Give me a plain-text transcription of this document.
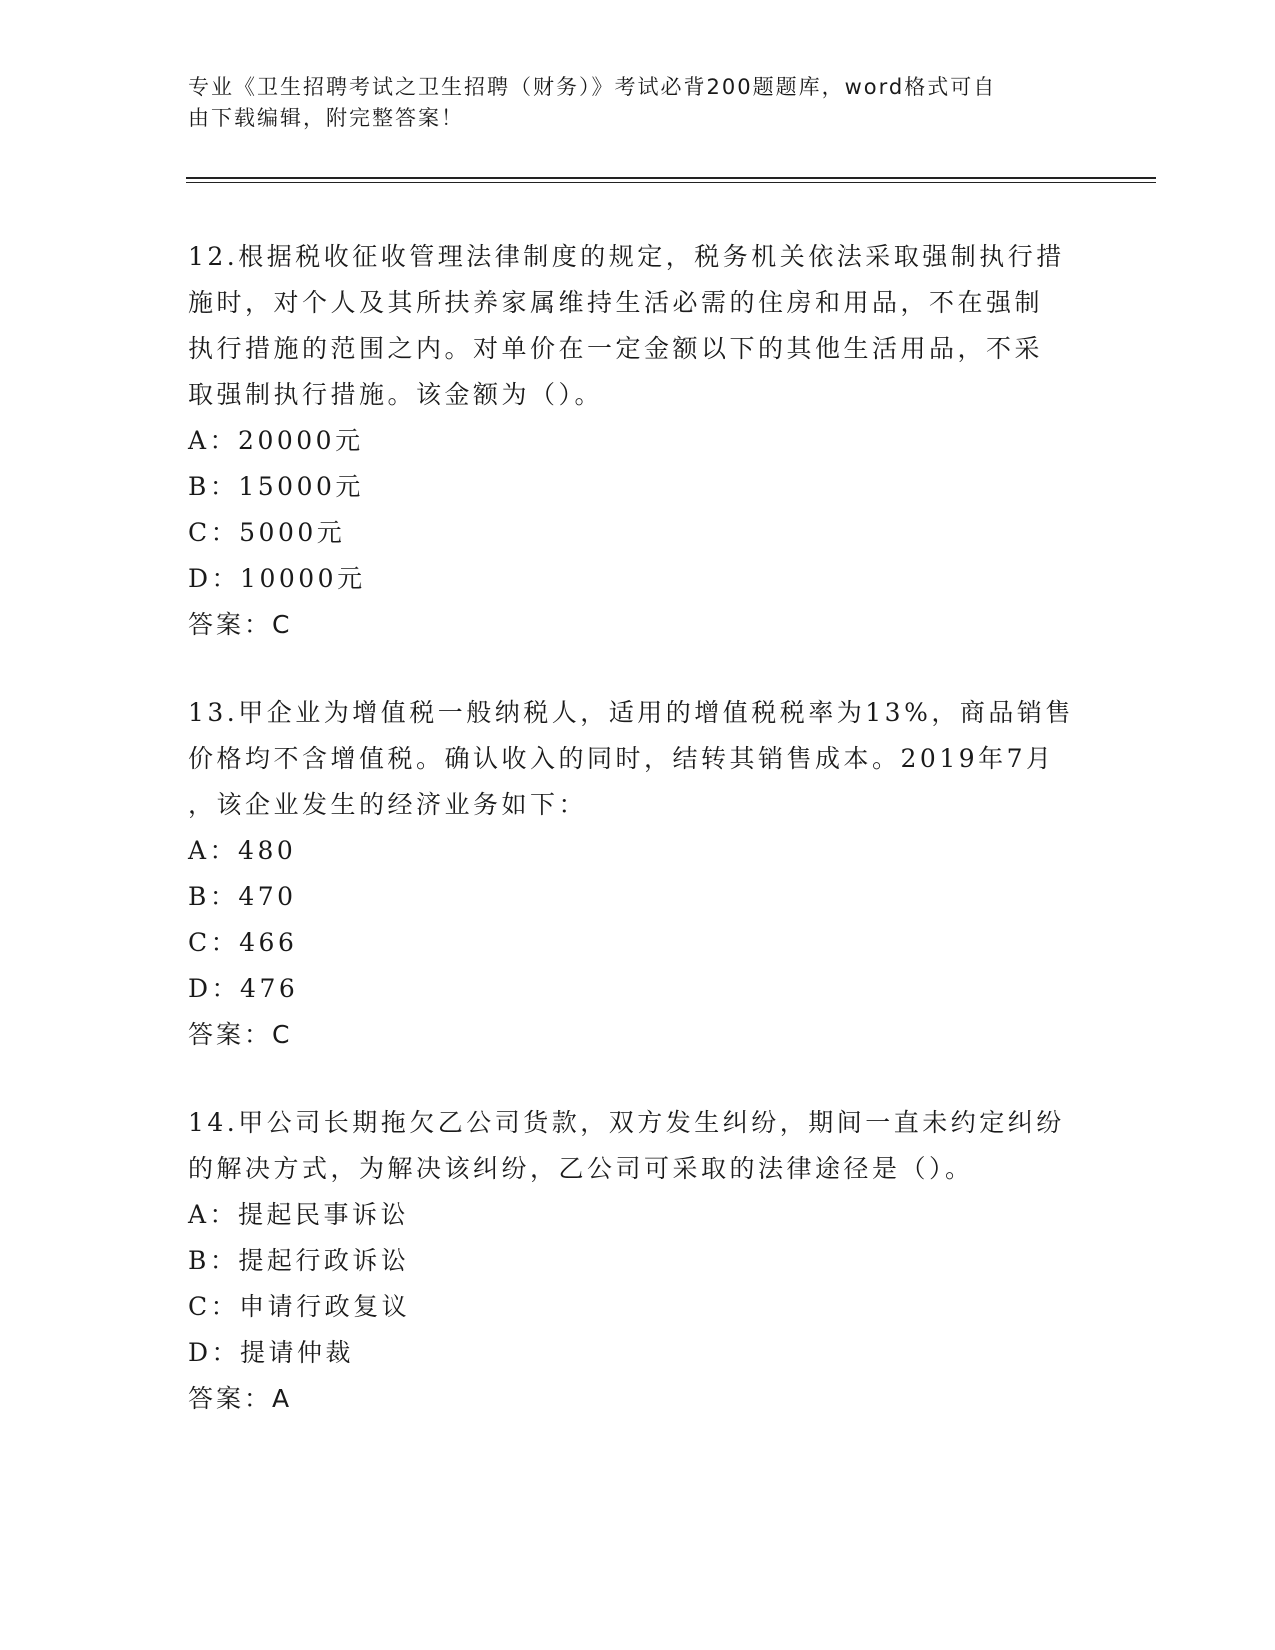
专业《卫生招聘考试之卫生招聘（财务）》考试必背200题题库，word格式可自
由下载编辑，附完整答案！
12.根据税收征收管理法律制度的规定，税务机关依法采取强制执行措
施时，对个人及其所扶养家属维持生活必需的住房和用品，不在强制
执行措施的范围之内。对单价在一定金额以下的其他生活用品，不采
取强制执行措施。该金额为（）。
A：20000元
B：15000元
C：5000元
D：10000元
答案：C
13.甲企业为增值税一般纳税人，适用的增值税税率为13%，商品销售
价格均不含增值税。确认收入的同时，结转其销售成本。2019年7月
，该企业发生的经济业务如下：
A：480
B：470
C：466
D：476
答案：C
14.甲公司长期拖欠乙公司货款，双方发生纠纷，期间一直未约定纠纷
的解决方式，为解决该纠纷，乙公司可采取的法律途径是（）。
A：提起民事诉讼
B：提起行政诉讼
C：申请行政复议
D：提请仲裁
答案：A
